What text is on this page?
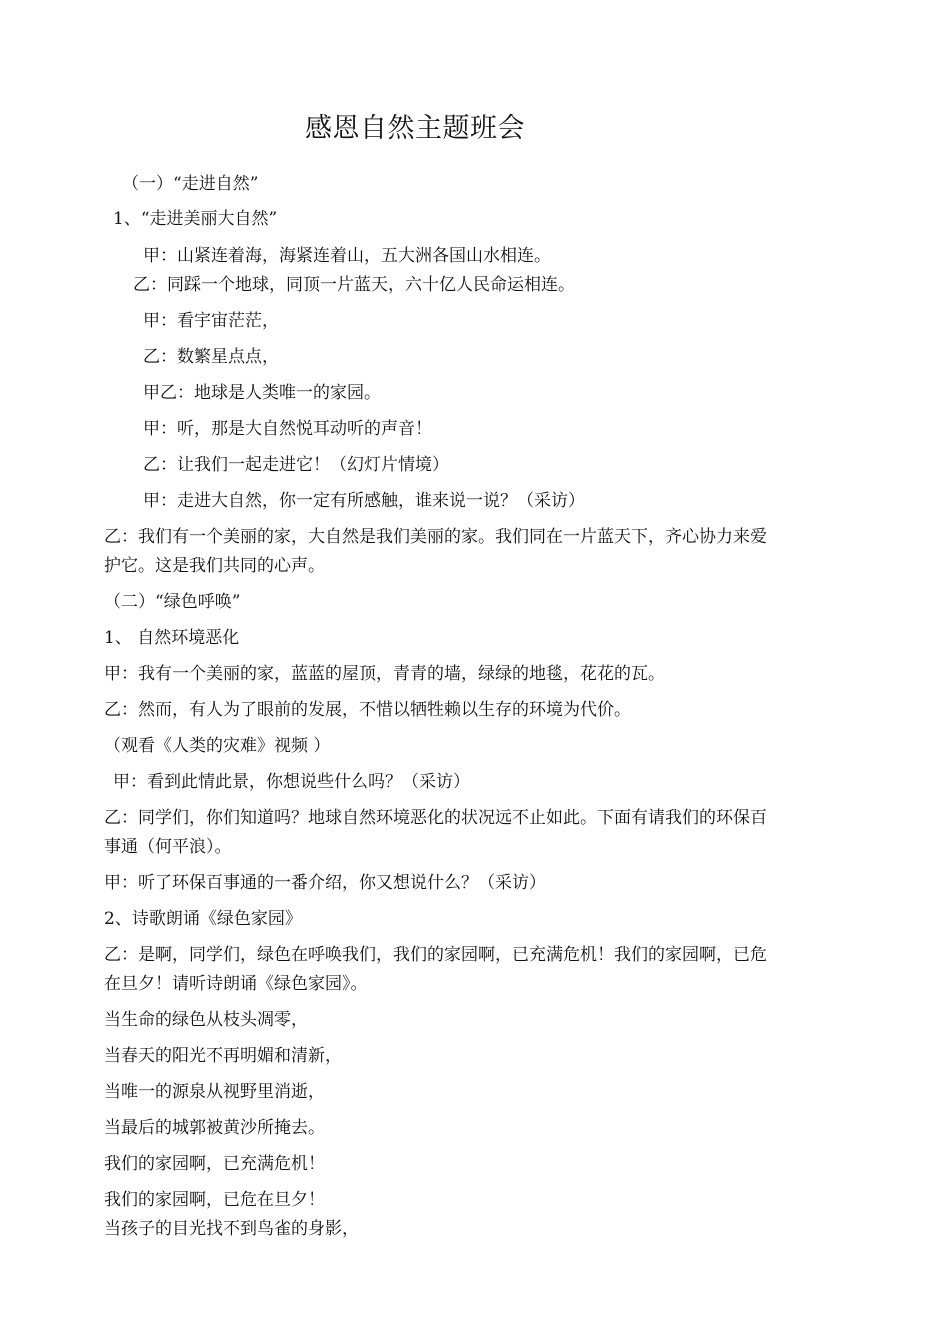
感恩自然主题班会
（一）“走进自然”
1、“走进美丽大自然”
甲：山紧连着海，海紧连着山，五大洲各国山水相连。
乙：同踩一个地球，同顶一片蓝天，六十亿人民命运相连。
甲：看宇宙茫茫，
乙：数繁星点点，
甲乙：地球是人类唯一的家园。
甲：听，那是大自然悦耳动听的声音！
乙：让我们一起走进它！（幻灯片情境）
甲：走进大自然，你一定有所感触，谁来说一说？（采访）
乙：我们有一个美丽的家，大自然是我们美丽的家。我们同在一片蓝天下，齐心协力来爱
护它。这是我们共同的心声。
（二）“绿色呼唤”
1、 自然环境恶化
甲：我有一个美丽的家，蓝蓝的屋顶，青青的墙，绿绿的地毯，花花的瓦。
乙：然而，有人为了眼前的发展，不惜以牺牲赖以生存的环境为代价。
（观看《人类的灾难》视频 ）
甲：看到此情此景，你想说些什么吗？（采访）
乙：同学们，你们知道吗？地球自然环境恶化的状况远不止如此。下面有请我们的环保百
事通（何平浪）。
甲：听了环保百事通的一番介绍，你又想说什么？（采访）
2、诗歌朗诵《绿色家园》
乙：是啊，同学们，绿色在呼唤我们，我们的家园啊，已充满危机！我们的家园啊，已危
在旦夕！请听诗朗诵《绿色家园》。
当生命的绿色从枝头凋零，
当春天的阳光不再明媚和清新，
当唯一的源泉从视野里消逝，
当最后的城郭被黄沙所掩去。
我们的家园啊，已充满危机！
我们的家园啊，已危在旦夕！
当孩子的目光找不到鸟雀的身影，
